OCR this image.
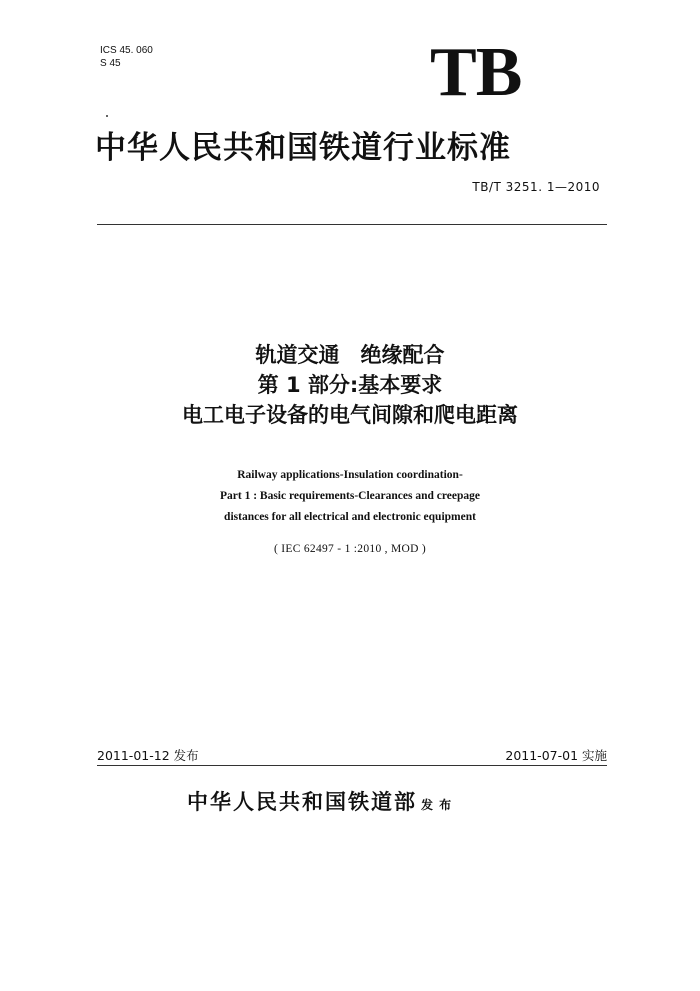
ICS 45. 060
S 45	TB
中华人民共和国铁道行业标准
TB/T 3251. 1—2010
轨道交通　绝缘配合
第 1 部分:基本要求
电工电子设备的电气间隙和爬电距离
Railway applications-Insulation coordination-
Part 1 : Basic requirements-Clearances and creepage
distances for all electrical and electronic equipment
( IEC 62497 - 1 :2010 , MOD )
2011-01-12 发布	2011-07-01 实施
中华人民共和国铁道部 发 布
